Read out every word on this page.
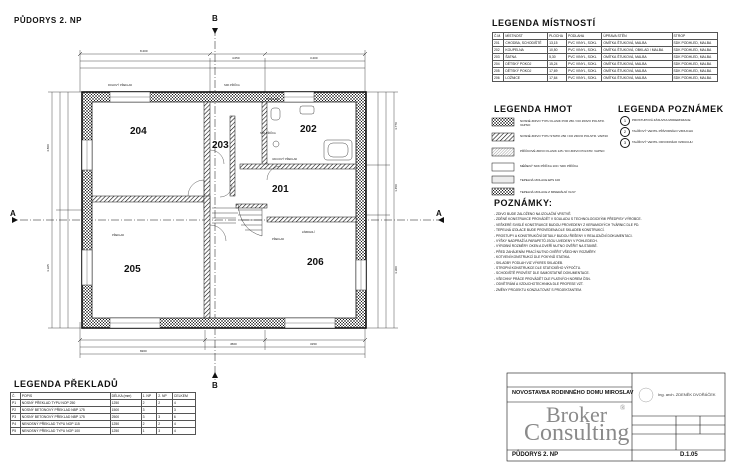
PŮDORYS 2. NP
ROHOVÝ PŘEKLAD	SDK PŘÍČKA
PODHLED
SDK PŘÍČKA
VAKUOVÝ PŘEKLAD
ZÁBRADLÍ
PŘEKLAD
PŘEKLAD
B
B
A	A
204
203
202
201
205
206
8.200
4.050	3.200
8200
4500	3150
4.860
3.325
3.770
1.450
3.300
LEGENDA MÍSTNOSTÍ
Č.M.	MÍSTNOST	PLOCHA	PODLAHA	ÚPRAVA STĚN	STROP
201	CHODBA, SCHODIŠTĚ	13,15	PVC VINYL, SOKL	OMÍTKA ŠTUKOVÁ, MALBA	SDK PODHLED, MALBA
202	KOUPELNA	10,50	PVC VINYL, SOKL	OMÍTKA ŠTUKOVÁ, OBKLAD / MALBA	SDK PODHLED, MALBA
203	ŠATNA	5,30	PVC VINYL, SOKL	OMÍTKA ŠTUKOVÁ, MALBA	SDK PODHLED, MALBA
204	DĚTSKÝ POKOJ	15,24	PVC VINYL, SOKL	OMÍTKA ŠTUKOVÁ, MALBA	SDK PODHLED, MALBA
205	DĚTSKÝ POKOJ	17,69	PVC VINYL, SOKL	OMÍTKA ŠTUKOVÁ, MALBA	SDK PODHLED, MALBA
206	LOŽNICE	17,64	PVC VINYL, SOKL	OMÍTKA ŠTUKOVÁ, MALBA	SDK PODHLED, MALBA
LEGENDA HMOT
NOSNÉ ZDIVO TYPU KLASIK POR 250 / DO ZDIVO POLSTR. VAPNO
NOSNÉ ZDIVO TYPU STATIK 250 / DO ZDIVO POLSTR. VAPNO
PŘÍČKOVÉ ZDIVO KLASIK 125 / DO ZDIVO POLSTR. VAPNO
MĚŘENÝ SDK PŘÍČKA 100 / SDK PŘÍČKA
TEPELNÁ IZOLACE EPS 100
TEPELNÁ IZOLACE Z MINERÁLNÍ VLNY
LEGENDA POZNÁMEK
1	PROSTUPOVÁ ZÁSUVKA MODERNIZACE
2	TALÍŘOVÝ VENTIL PŘÍVODNÍHO VZDUCHU
3	TALÍŘOVÝ VENTIL ODVODNÍHO VZDUCHU
POZNÁMKY:
- ZDIVO BUDE ZALOŽENO NA IZOLAČNÍ VRSTVĚ.
- ZDĚNÉ KONSTRUKCE PROVÁDĚT V SOULADU S TECHNOLOGICKÝMI PŘEDPISY VÝROBCE.
- VEŠKERÉ SVISLÉ KONSTRUKCE BUDOU PROVEDENY Z KERAMICKÝCH TVÁRNIC DLE PD.
- TEPELNÁ IZOLACE BUDE PROVEDENA DLE SKLADEB KONSTRUKCÍ.
- PROSTUPY A KONSTRUKČNÍ DETAILY BUDOU ŘEŠENY V REALIZAČNÍ DOKUMENTACI.
- VÝŠKY NADPRAŽÍ A PARAPETŮ JSOU UVEDENY V POHLEDECH.
- VÝROBNÍ ROZMĚRY OKEN A DVEŘÍ NUTNO OVĚŘIT NA STAVBĚ.
- PŘED ZAHÁJENÍM PRACÍ NUTNO OVĚŘIT VŠECHNY ROZMĚRY.
- KOTVENÍ KONSTRUKCÍ DLE POKYNŮ STATIKA.
- SKLADBY PODLAH VIZ VÝKRES SKLADEB.
- STROPNÍ KONSTRUKCE DLE STATICKÉHO VÝPOČTU.
- SCHODIŠTĚ PROVÉST DLE SAMOSTATNÉ DOKUMENTACE.
- VŠECHNY PRÁCE PROVÁDĚT DLE PLATNÝCH NOREM ČSN.
- ODVĚTRÁNÍ A VZDUCHOTECHNIKA DLE PROFESE VZT.
- ZMĚNY PROJEKTU KONZULTOVAT S PROJEKTANTEM.
LEGENDA PŘEKLADŮ
Č.	POPIS	DÉLKA (mm)	1. NP	2. NP	CELKEM
P1	NOSNÝ PŘEKLAD TYPU NOP 250	1250	2	2	4
P2	NOSNÝ BETONOVÝ PŘEKLAD NBP 175	1500	3		3
P3	NOSNÝ BETONOVÝ PŘEKLAD NBP 175	2500	3	3	6
P4	NENOSNÝ PŘEKLAD TYPU NOP 115	1250	2	2	4
P5	NENOSNÝ PŘEKLAD TYPU NOP 100	1250	1	3	4
NOVOSTAVBA RODINNÉHO DOMU MIROSLAV	Ing. arch. ZDENĚK DVOŘÁČEK
PŮDORYS 2. NP	D.1.05
Broker ®
Consulting
